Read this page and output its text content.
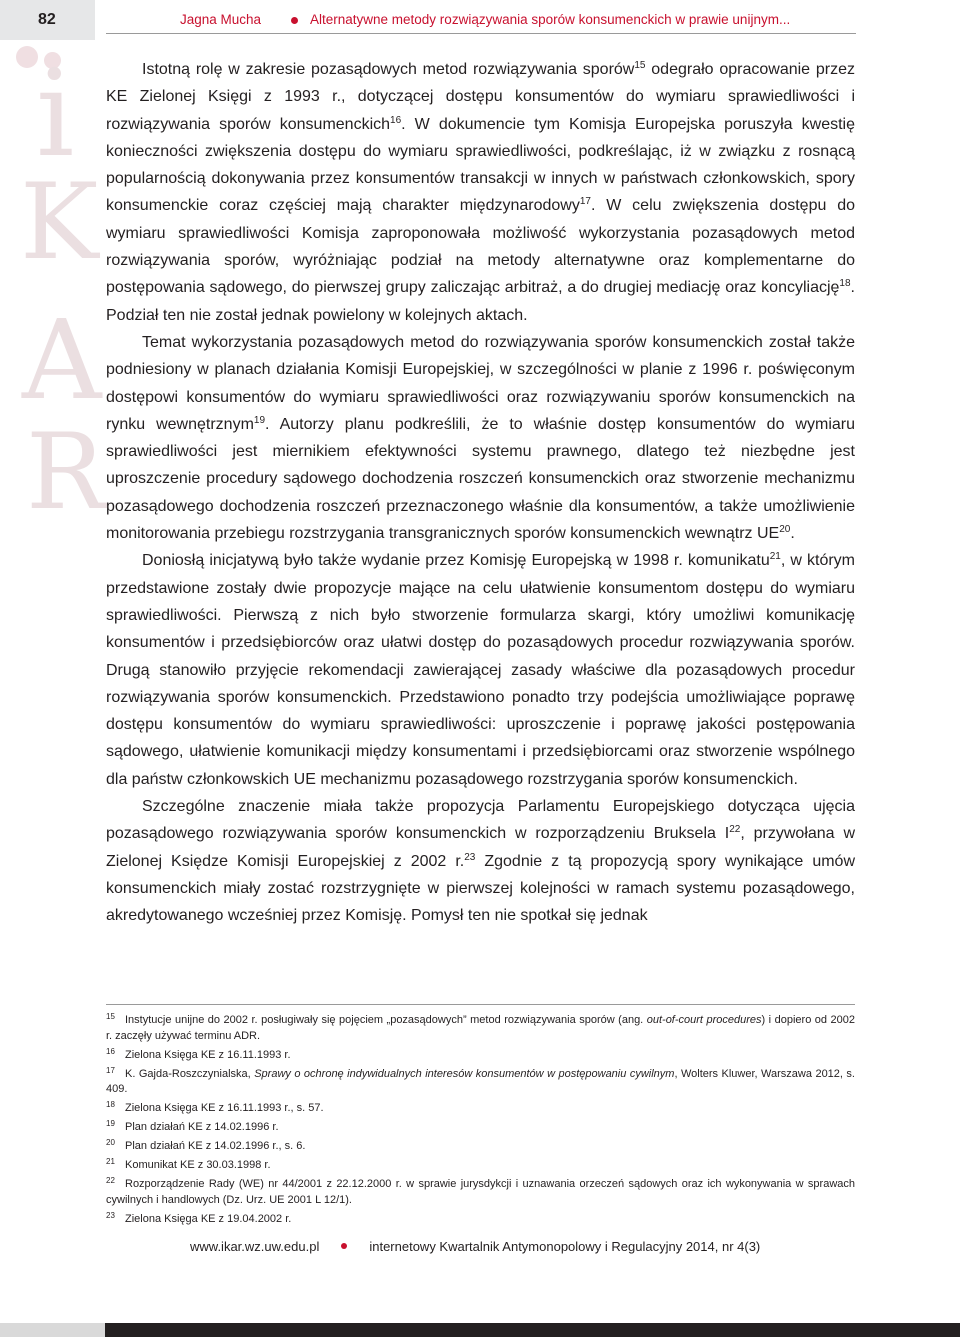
82	Jagna Mucha	Alternatywne metody rozwiązywania sporów konsumenckich w prawie unijnym...
i
K
A
R

Istotną rolę w zakresie pozasądowych metod rozwiązywania sporów$^{15}$ odegrało opracowanie przez KE Zielonej Księgi z 1993 r., dotyczącej dostępu konsumentów do wymiaru sprawiedliwości i rozwiązywania sporów konsumenckich$^{16}$. W dokumencie tym Komisja Europejska poruszyła kwestię konieczności zwiększenia dostępu do wymiaru sprawiedliwości, podkreślając, iż w związku z rosnącą popularnością dokonywania przez konsumentów transakcji w innych w państwach członkowskich, spory konsumenckie coraz częściej mają charakter międzynarodowy$^{17}$. W celu zwiększenia dostępu do wymiaru sprawiedliwości Komisja zaproponowała możliwość wykorzystania pozasądowych metod rozwiązywania sporów, wyróżniając podział na metody alternatywne oraz komplementarne do postępowania sądowego, do pierwszej grupy zaliczając arbitraż, a do drugiej mediację oraz koncyliację$^{18}$. Podział ten nie został jednak powielony w kolejnych aktach.

Temat wykorzystania pozasądowych metod do rozwiązywania sporów konsumenckich został także podniesiony w planach działania Komisji Europejskiej, w szczególności w planie z 1996 r. poświęconym dostępowi konsumentów do wymiaru sprawiedliwości oraz rozwiązywaniu sporów konsumenckich na rynku wewnętrznym$^{19}$. Autorzy planu podkreślili, że to właśnie dostęp konsumentów do wymiaru sprawiedliwości jest miernikiem efektywności systemu prawnego, dlatego też niezbędne jest uproszczenie procedury sądowego dochodzenia roszczeń konsumenckich oraz stworzenie mechanizmu pozasądowego dochodzenia roszczeń przeznaczonego właśnie dla konsumentów, a także umożliwienie monitorowania przebiegu rozstrzygania transgranicznych sporów konsumenckich wewnątrz UE$^{20}$.

Doniosłą inicjatywą było także wydanie przez Komisję Europejską w 1998 r. komunikatu$^{21}$, w którym przedstawione zostały dwie propozycje mające na celu ułatwienie konsumentom dostępu do wymiaru sprawiedliwości. Pierwszą z nich było stworzenie formularza skargi, który umożliwi komunikację konsumentów i przedsiębiorców oraz ułatwi dostęp do pozasądowych procedur rozwiązywania sporów. Drugą stanowiło przyjęcie rekomendacji zawierającej zasady właściwe dla pozasądowych procedur rozwiązywania sporów konsumenckich. Przedstawiono ponadto trzy podejścia umożliwiające poprawę dostępu konsumentów do wymiaru sprawiedliwości: uproszczenie i poprawę jakości postępowania sądowego, ułatwienie komunikacji między konsumentami i przedsiębiorcami oraz stworzenie wspólnego dla państw członkowskich UE mechanizmu pozasądowego rozstrzygania sporów konsumenckich.

Szczególne znaczenie miała także propozycja Parlamentu Europejskiego dotycząca ujęcia pozasądowego rozwiązywania sporów konsumenckich w rozporządzeniu Bruksela $I^{22}$, przywołana w Zielonej Księdze Komisji Europejskiej z 2002 r.$^{23}$ Zgodnie z tą propozycją spory wynikające umów konsumenckich miały zostać rozstrzygnięte w pierwszej kolejności w ramach systemu pozasądowego, akredytowanego wcześniej przez Komisję. Pomysł ten nie spotkał się jednak

15 Instytucje unijne do 2002 r. posługiwały się pojęciem „pozasądowych” metod rozwiązywania sporów (ang. out-of-court procedures) i dopiero od 2002 r. zaczęły używać terminu ADR.
16 Zielona Księga KE z 16.11.1993 r.
17 K. Gajda-Roszczynialska, Sprawy o ochronę indywidualnych interesów konsumentów w postępowaniu cywilnym, Wolters Kluwer, Warszawa 2012, s. 409.
18 Zielona Księga KE z 16.11.1993 r., s. 57.
19 Plan działań KE z 14.02.1996 r.
20 Plan działań KE z 14.02.1996 r., s. 6.
21 Komunikat KE z 30.03.1998 r.
22 Rozporządzenie Rady (WE) nr 44/2001 z 22.12.2000 r. w sprawie jurysdykcji i uznawania orzeczeń sądowych oraz ich wykonywania w sprawach cywilnych i handlowych (Dz. Urz. UE 2001 L 12/1).
23 Zielona Księga KE z 19.04.2002 r.
www.ikar.wz.uw.edu.pl	internetowy Kwartalnik Antymonopolowy i Regulacyjny 2014, nr 4(3)
